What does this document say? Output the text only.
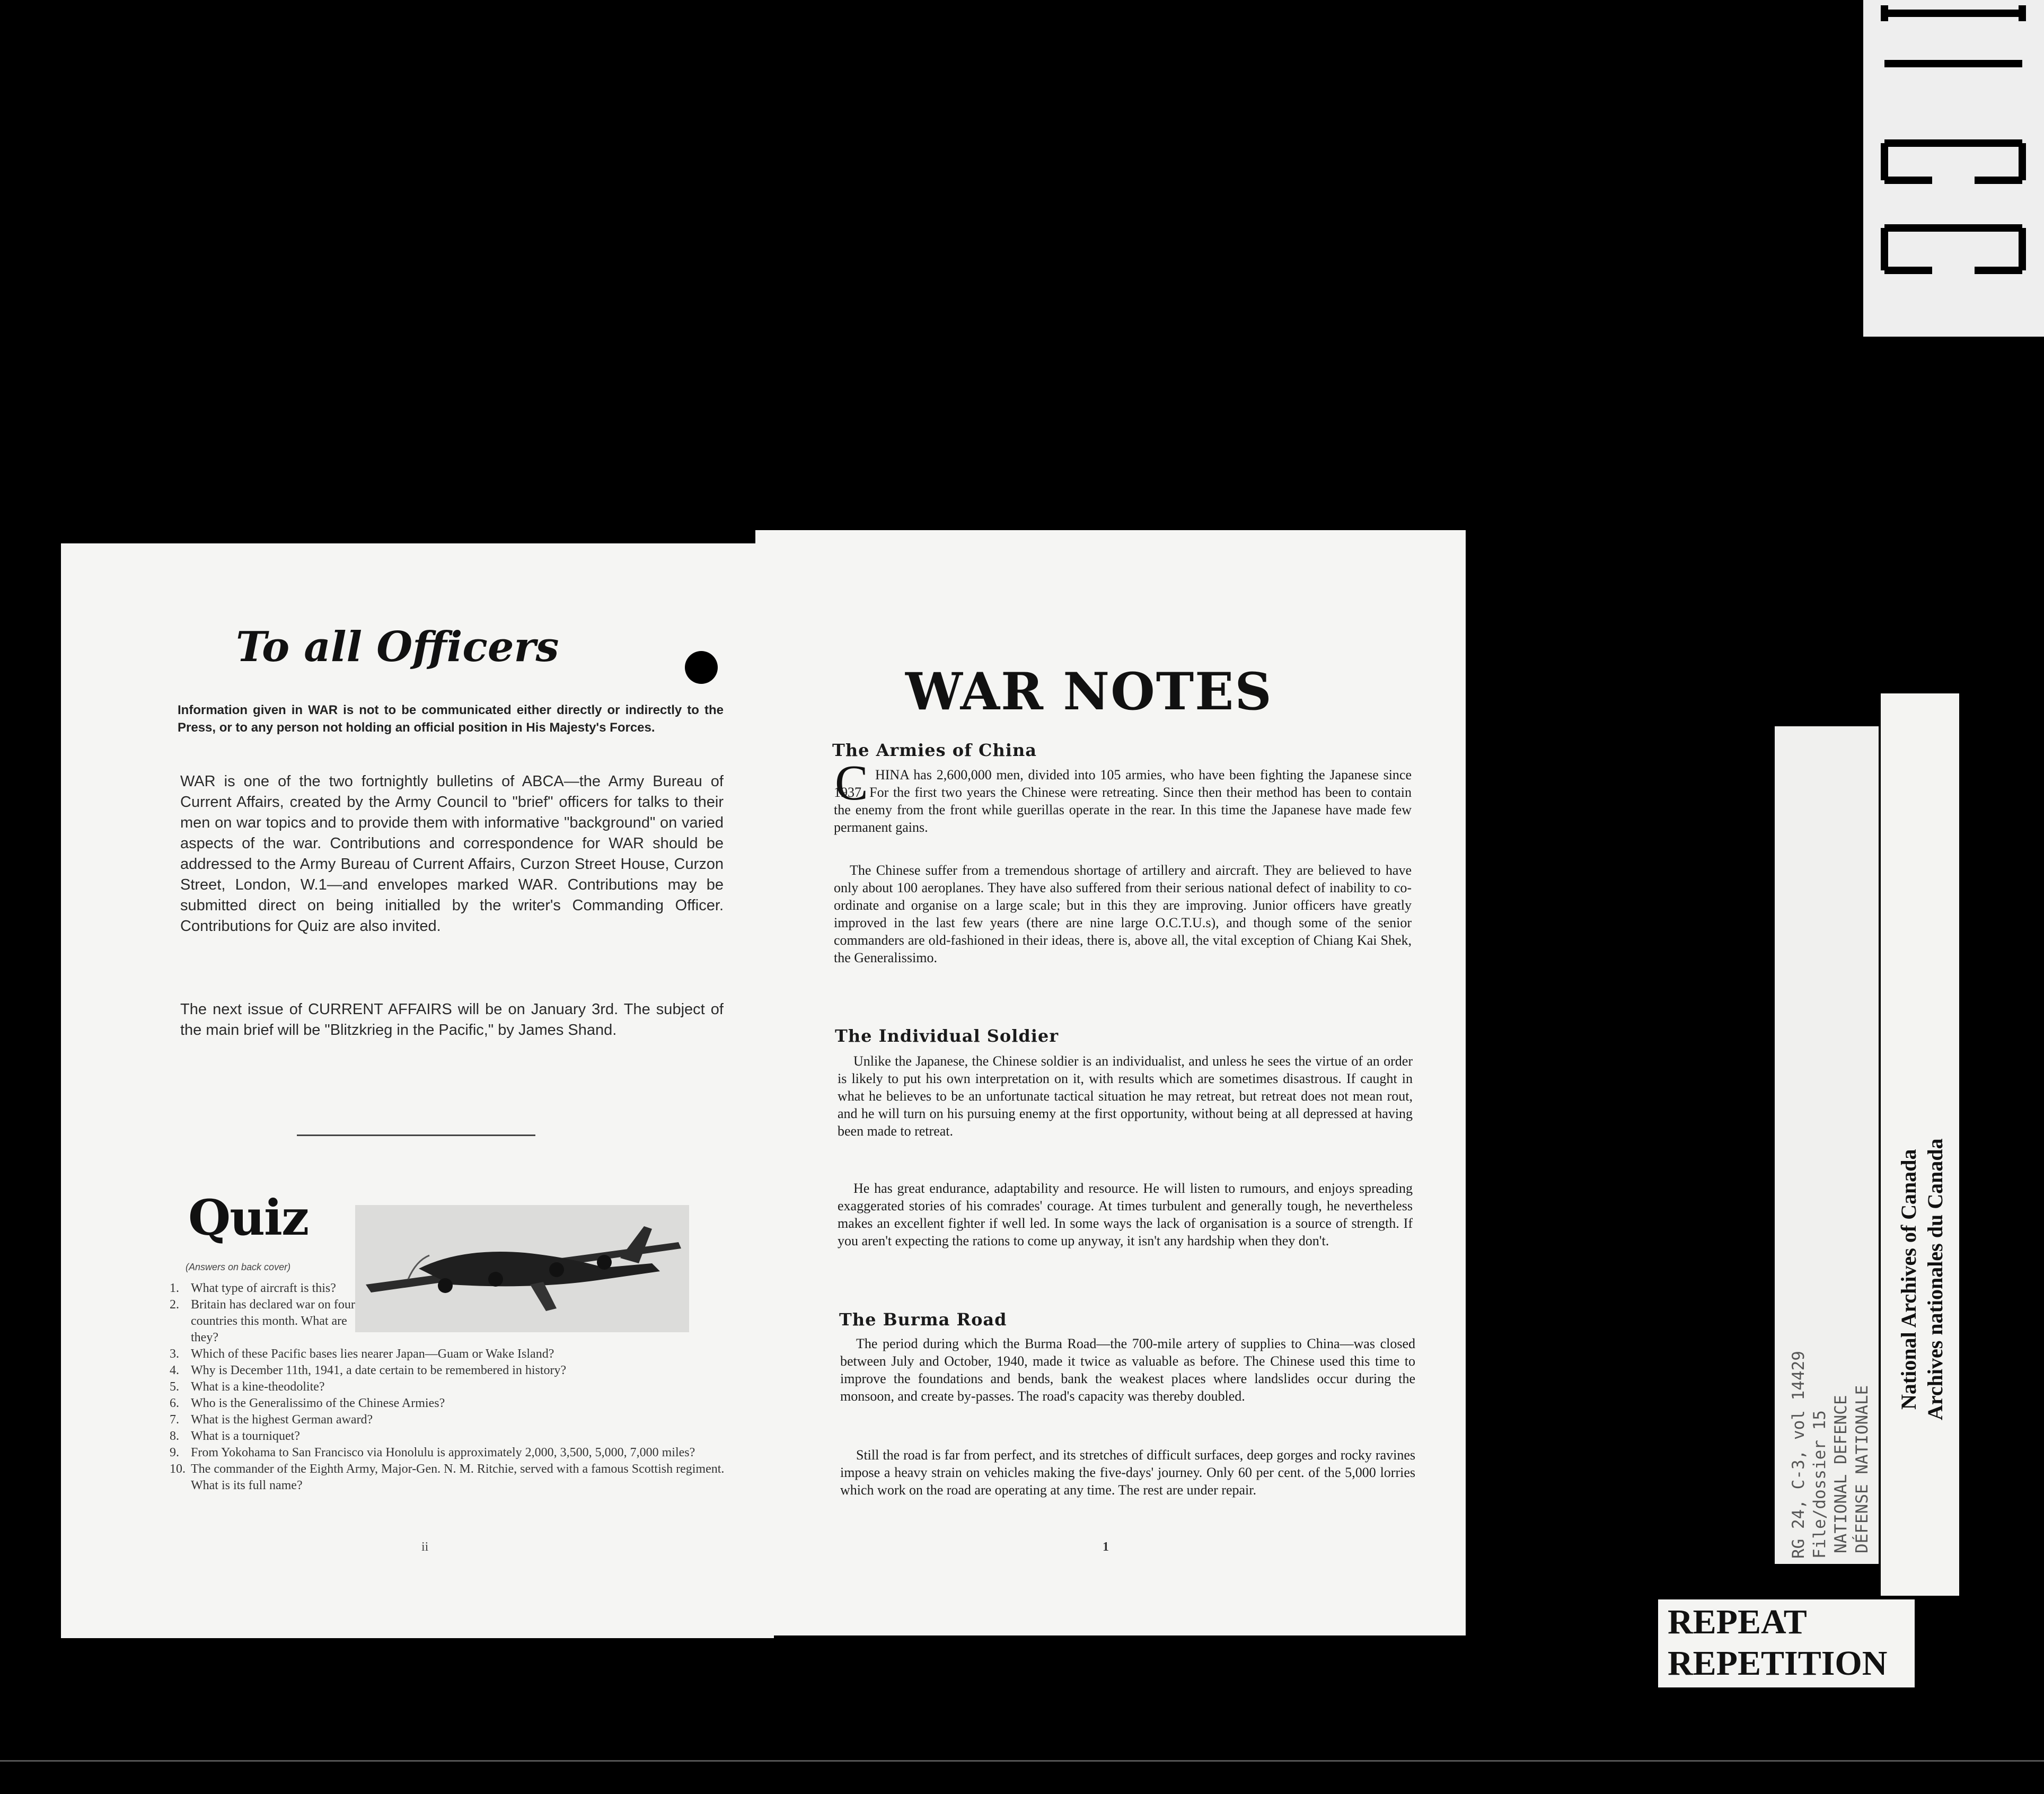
To all Officers

Information given in WAR is not to be communicated either directly or indirectly to the Press, or to any person not holding an official position in His Majesty's Forces.

WAR is one of the two fortnightly bulletins of ABCA—the Army Bureau of Current Affairs, created by the Army Council to "brief" officers for talks to their men on war topics and to provide them with informative "background" on varied aspects of the war. Contributions and correspondence for WAR should be addressed to the Army Bureau of Current Affairs, Curzon Street House, Curzon Street, London, W.1—and envelopes marked WAR. Contributions may be submitted direct on being initialled by the writer's Commanding Officer. Contributions for Quiz are also invited.

The next issue of CURRENT AFFAIRS will be on January 3rd. The subject of the main brief will be "Blitzkrieg in the Pacific," by James Shand.

Quiz
(Answers on back cover)
1. What type of aircraft is this?
2. Britain has declared war on four countries this month. What are they?
3. Which of these Pacific bases lies nearer Japan—Guam or Wake Island?
4. Why is December 11th, 1941, a date certain to be remembered in history?
5. What is a kine-theodolite?
6. Who is the Generalissimo of the Chinese Armies?
7. What is the highest German award?
8. What is a tourniquet?
9. From Yokohama to San Francisco via Honolulu is approximately 2,000, 3,500, 5,000, 7,000 miles?
10. The commander of the Eighth Army, Major-Gen. N. M. Ritchie, served with a famous Scottish regiment. What is its full name?
ii
WAR NOTES
The Armies of China
C HINA has 2,600,000 men, divided into 105 armies, who have been fighting the Japanese since 1937. For the first two years the Chinese were retreating. Since then their method has been to contain the enemy from the front while guerillas operate in the rear. In this time the Japanese have made few permanent gains.

The Chinese suffer from a tremendous shortage of artillery and aircraft. They are believed to have only about 100 aeroplanes. They have also suffered from their serious national defect of inability to co-ordinate and organise on a large scale; but in this they are improving. Junior officers have greatly improved in the last few years (there are nine large O.C.T.U.s), and though some of the senior commanders are old-fashioned in their ideas, there is, above all, the vital exception of Chiang Kai Shek, the Generalissimo.

The Individual Soldier

Unlike the Japanese, the Chinese soldier is an individualist, and unless he sees the virtue of an order is likely to put his own interpretation on it, with results which are sometimes disastrous. If caught in what he believes to be an unfortunate tactical situation he may retreat, but retreat does not mean rout, and he will turn on his pursuing enemy at the first opportunity, without being at all depressed at having been made to retreat.

He has great endurance, adaptability and resource. He will listen to rumours, and enjoys spreading exaggerated stories of his comrades' courage. At times turbulent and generally tough, he nevertheless makes an excellent fighter if well led. In some ways the lack of organisation is a source of strength. If you aren't expecting the rations to come up anyway, it isn't any hardship when they don't.

The Burma Road

The period during which the Burma Road—the 700-mile artery of supplies to China—was closed between July and October, 1940, made it twice as valuable as before. The Chinese used this time to improve the foundations and bends, bank the weakest places where landslides occur during the monsoon, and create by-passes. The road's capacity was thereby doubled.

Still the road is far from perfect, and its stretches of difficult surfaces, deep gorges and rocky ravines impose a heavy strain on vehicles making the five-days' journey. Only 60 per cent. of the 5,000 lorries which work on the road are operating at any time. The rest are under repair.

1	RG 24, C-3, vol 14429 File/dossier 15 NATIONAL DEFENCE DÉFENSE NATIONALE
National Archives of Canada Archives nationales du Canada
REPEAT
REPETITION
